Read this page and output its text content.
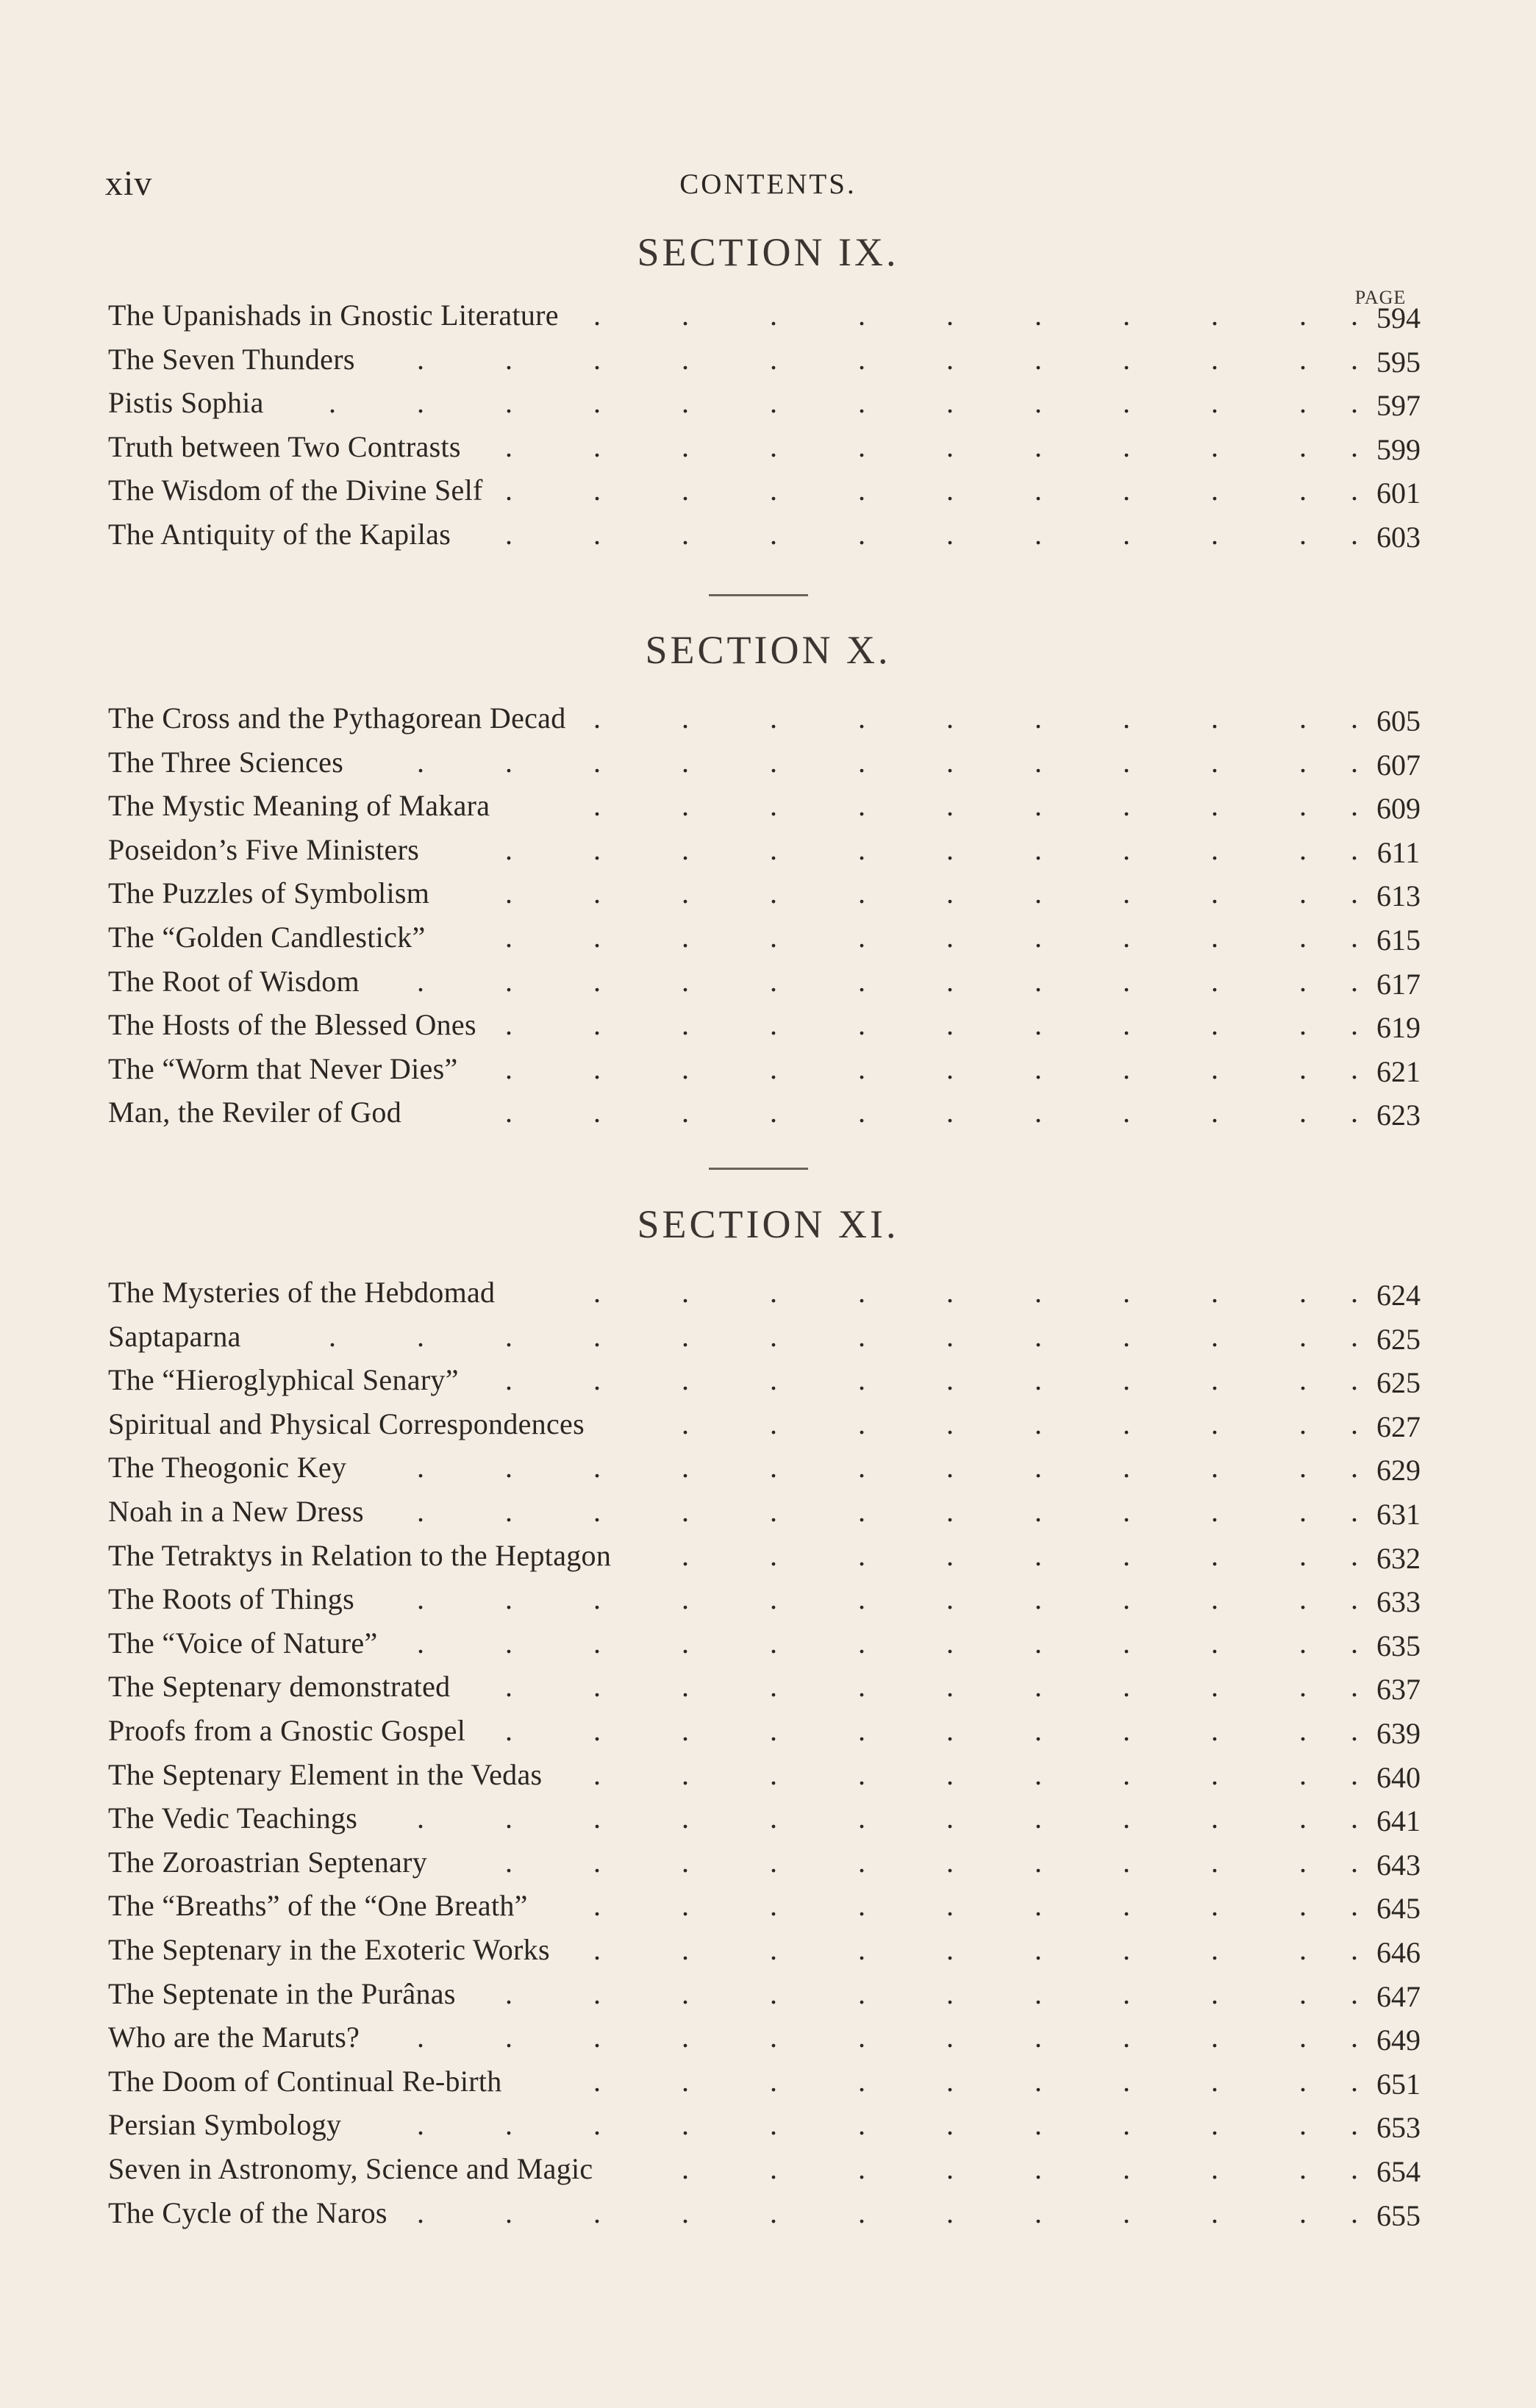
xiv	CONTENTS.
PAGE
SECTION IX.
The Upanishads in Gnostic Literature .	.	.	.	.	.	.	.	. . 594
The Seven Thunders .	.	.	.	.	.	.	.	.	.	. . 595
Pistis Sophia .	.	.	.	.	.	.	.	.	.	.	. . 597
Truth between Two Contrasts .	.	.	.	.	.	.	.	.	. . 599
The Wisdom of the Divine Self .	.	.	.	.	.	.	.	.	. . 601
The Antiquity of the Kapilas .	.	.	.	.	.	.	.	.	. . 603
SECTION X.
The Cross and the Pythagorean Decad .	.	.	.	.	.	.	.	. . 605
The Three Sciences .	.	.	.	.	.	.	.	.	.	. . 607
The Mystic Meaning of Makara	.	.	.	.	.	.	.	.	. . 609
Poseidon’s Five Ministers	.	.	.	.	.	.	.	.	.	. . 611
The Puzzles of Symbolism	.	.	.	.	.	.	.	.	.	. . 613
The “Golden Candlestick”	.	.	.	.	.	.	.	.	.	. . 615
The Root of Wisdom .	.	.	.	.	.	.	.	.	.	. . 617
The Hosts of the Blessed Ones .	.	.	.	.	.	.	.	.	. . 619
The “Worm that Never Dies” .	.	.	.	.	.	.	.	.	. . 621
Man, the Reviler of God	.	.	.	.	.	.	.	.	.	. . 623
SECTION XI.
The Mysteries of the Hebdomad	.	.	.	.	.	.	.	.	. . 624
Saptaparna	.	.	.	.	.	.	.	.	.	.	.	. . 625
The “Hieroglyphical Senary” .	.	.	.	.	.	.	.	.	. . 625
Spiritual and Physical Correspondences	.	.	.	.	.	.	.	. . 627
The Theogonic Key .	.	.	.	.	.	.	.	.	.	. . 629
Noah in a New Dress .	.	.	.	.	.	.	.	.	.	. . 631
The Tetraktys in Relation to the Heptagon .	.	.	.	.	.	.	. . 632
The Roots of Things .	.	.	.	.	.	.	.	.	.	. . 633
The “Voice of Nature” .	.	.	.	.	.	.	.	.	.	. . 635
The Septenary demonstrated .	.	.	.	.	.	.	.	.	. . 637
Proofs from a Gnostic Gospel .	.	.	.	.	.	.	.	.	. . 639
The Septenary Element in the Vedas .	.	.	.	.	.	.	.	. . 640
The Vedic Teachings .	.	.	.	.	.	.	.	.	.	. . 641
The Zoroastrian Septenary	.	.	.	.	.	.	.	.	.	. . 643
The “Breaths” of the “One Breath” .	.	.	.	.	.	.	.	. . 645
The Septenary in the Exoteric Works .	.	.	.	.	.	.	.	. . 646
The Septenate in the Purânas .	.	.	.	.	.	.	.	.	. . 647
Who are the Maruts? .	.	.	.	.	.	.	.	.	.	. . 649
The Doom of Continual Re-birth	.	.	.	.	.	.	.	.	. . 651
Persian Symbology	.	.	.	.	.	.	.	.	.	.	. . 653
Seven in Astronomy, Science and Magic	.	.	.	.	.	.	.	. . 654
The Cycle of the Naros .	.	.	.	.	.	.	.	.	.	. . 655
